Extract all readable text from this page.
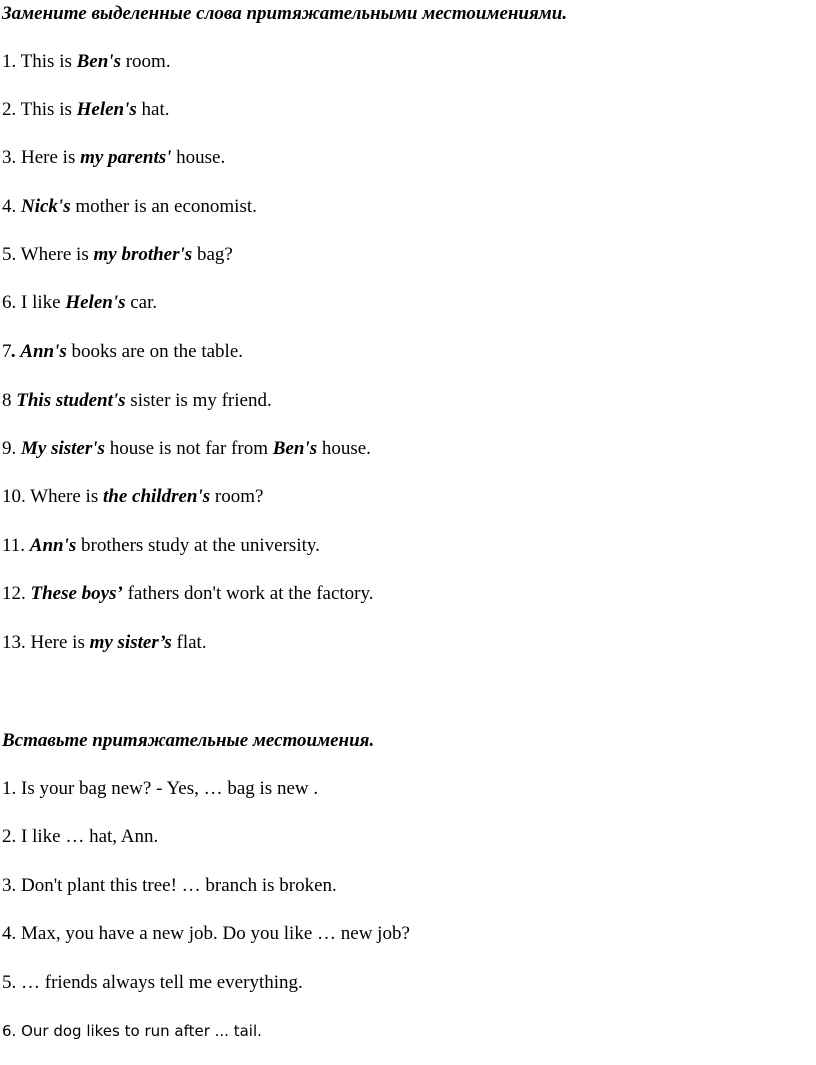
Замените выделенные слова притяжательными местоимениями.

1. This is Ben's room.

2. This is Helen's hat.

3. Here is my parents' house.

4. Nick's mother is an economist.

5. Where is my brother's bag?

6. I like Helen's car.

7. Ann's books are on the table.

8 This student's sister is my friend.

9. My sister's house is not far from Ben's house.

10. Where is the children's room?

11. Ann's brothers study at the university.

12. These boys’ fathers don't work at the factory.

13. Here is my sister’s flat.

Вставьте притяжательные местоимения.

1. Is your bag new? - Yes, … bag is new .

2. I like … hat, Ann.

3. Don't plant this tree! … branch is broken.

4. Max, you have a new job. Do you like … new job?

5. … friends always tell me everything.

6. Our dog likes to run after ... tail.
